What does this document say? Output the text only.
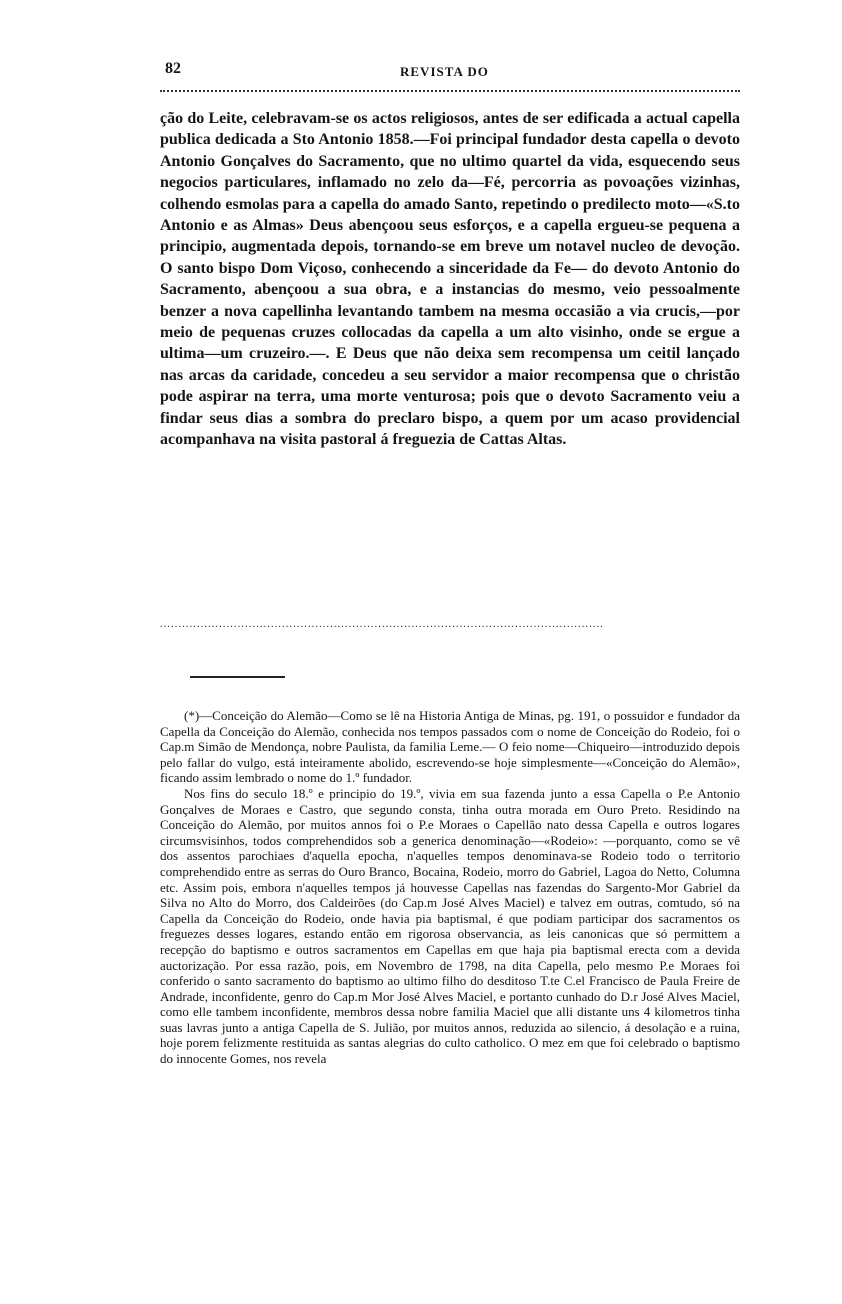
82	REVISTA DO

ção do Leite, celebravam-se os actos religiosos, antes de ser edificada a actual capella publica dedicada a Sto Antonio 1858.—Foi principal fundador desta capella o devoto Antonio Gonçalves do Sacramento, que no ultimo quartel da vida, esquecendo seus negocios particulares, inflamado no zelo da—Fé, percorria as povoações vizinhas, colhendo esmolas para a capella do amado Santo, repetindo o predilecto moto—«S.to Antonio e as Almas» Deus abençoou seus esforços, e a capella ergueu-se pequena a principio, augmentada depois, tornando-se em breve um notavel nucleo de devoção. O santo bispo Dom Viçoso, conhecendo a sinceridade da Fe— do devoto Antonio do Sacramento, abençoou a sua obra, e a instancias do mesmo, veio pessoalmente benzer a nova capellinha levantando tambem na mesma occasião a via crucis,—por meio de pequenas cruzes collocadas da capella a um alto visinho, onde se ergue a ultima—um cruzeiro.—. E Deus que não deixa sem recompensa um ceitil lançado nas arcas da caridade, concedeu a seu servidor a maior recompensa que o christão pode aspirar na terra, uma morte venturosa; pois que o devoto Sacramento veiu a findar seus dias a sombra do preclaro bispo, a quem por um acaso providencial acompanhava na visita pastoral á freguezia de Cattas Altas.

........................................................................................................................

(*)—Conceição do Alemão—Como se lê na Historia Antiga de Minas, pg. 191, o possuidor e fundador da Capella da Conceição do Alemão, conhecida nos tempos passados com o nome de Conceição do Rodeio, foi o Cap.m Simão de Mendonça, nobre Paulista, da familia Leme.— O feio nome—Chiqueiro—introduzido depois pelo fallar do vulgo, está inteiramente abolido, escrevendo-se hoje simplesmente—«Conceição do Alemão», ficando assim lembrado o nome do 1.º fundador.

Nos fins do seculo 18.º e principio do 19.º, vivia em sua fazenda junto a essa Capella o P.e Antonio Gonçalves de Moraes e Castro, que segundo consta, tinha outra morada em Ouro Preto. Residindo na Conceição do Alemão, por muitos annos foi o P.e Moraes o Capellão nato dessa Capella e outros logares circumsvisinhos, todos comprehendidos sob a generica denominação—«Rodeio»: —porquanto, como se vê dos assentos parochiaes d'aquella epocha, n'aquelles tempos denominava-se Rodeio todo o territorio comprehendido entre as serras do Ouro Branco, Bocaina, Rodeio, morro do Gabriel, Lagoa do Netto, Columna etc. Assim pois, embora n'aquelles tempos já houvesse Capellas nas fazendas do Sargento-Mor Gabriel da Silva no Alto do Morro, dos Caldeirões (do Cap.m José Alves Maciel) e talvez em outras, comtudo, só na Capella da Conceição do Rodeio, onde havia pia baptismal, é que podiam participar dos sacramentos os freguezes desses logares, estando então em rigorosa observancia, as leis canonicas que só permittem a recepção do baptismo e outros sacramentos em Capellas em que haja pia baptismal erecta com a devida auctorização. Por essa razão, pois, em Novembro de 1798, na dita Capella, pelo mesmo P.e Moraes foi conferido o santo sacramento do baptismo ao ultimo filho do desditoso T.te C.el Francisco de Paula Freire de Andrade, inconfidente, genro do Cap.m Mor José Alves Maciel, e portanto cunhado do D.r José Alves Maciel, como elle tambem inconfidente, membros dessa nobre familia Maciel que alli distante uns 4 kilometros tinha suas lavras junto a antiga Capella de S. Julião, por muitos annos, reduzida ao silencio, á desolação e a ruina, hoje porem felizmente restituida as santas alegrias do culto catholico. O mez em que foi celebrado o baptismo do innocente Gomes, nos revela
